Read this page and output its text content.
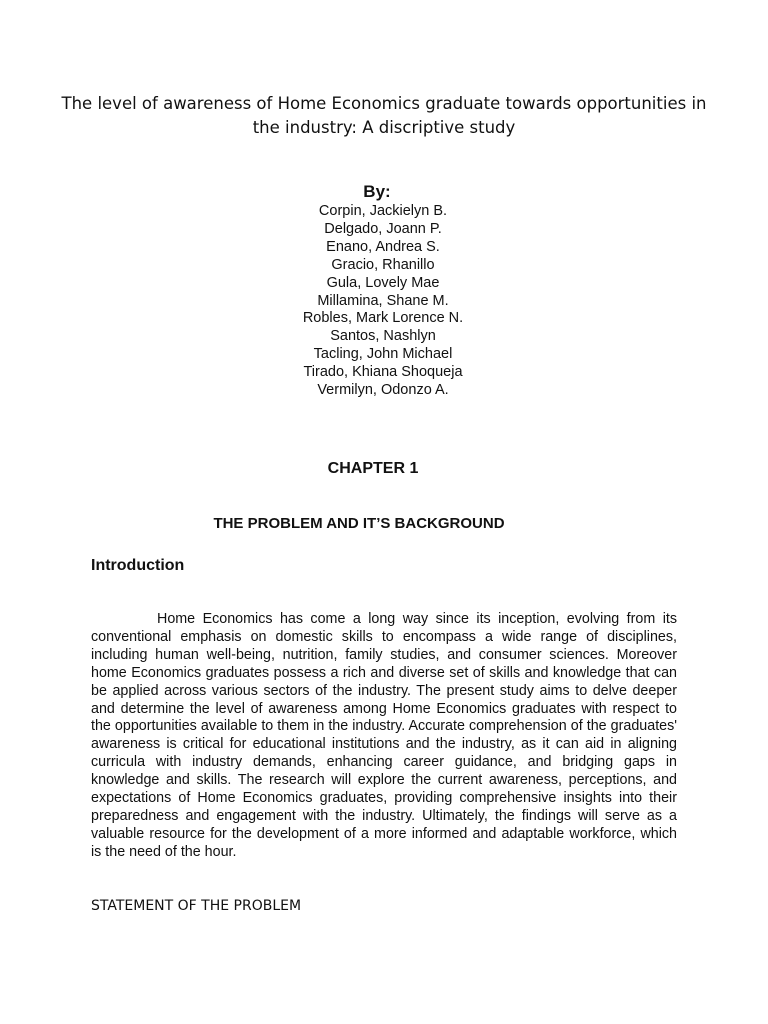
The level of awareness of Home Economics graduate towards opportunities in the industry: A discriptive study
By:
Corpin, Jackielyn B.
Delgado, Joann P.
Enano, Andrea S.
Gracio, Rhanillo
Gula, Lovely Mae
Millamina, Shane M.
Robles, Mark Lorence N.
Santos, Nashlyn
Tacling, John Michael
Tirado, Khiana Shoqueja
Vermilyn, Odonzo A.
CHAPTER 1
THE PROBLEM AND IT’S BACKGROUND
Introduction

Home Economics has come a long way since its inception, evolving from its conventional emphasis on domestic skills to encompass a wide range of disciplines, including human well-being, nutrition, family studies, and consumer sciences. Moreover home Economics graduates possess a rich and diverse set of skills and knowledge that can be applied across various sectors of the industry. The present study aims to delve deeper and determine the level of awareness among Home Economics graduates with respect to the opportunities available to them in the industry. Accurate comprehension of the graduates' awareness is critical for educational institutions and the industry, as it can aid in aligning curricula with industry demands, enhancing career guidance, and bridging gaps in knowledge and skills. The research will explore the current awareness, perceptions, and expectations of Home Economics graduates, providing comprehensive insights into their preparedness and engagement with the industry. Ultimately, the findings will serve as a valuable resource for the development of a more informed and adaptable workforce, which is the need of the hour.

STATEMENT OF THE PROBLEM
